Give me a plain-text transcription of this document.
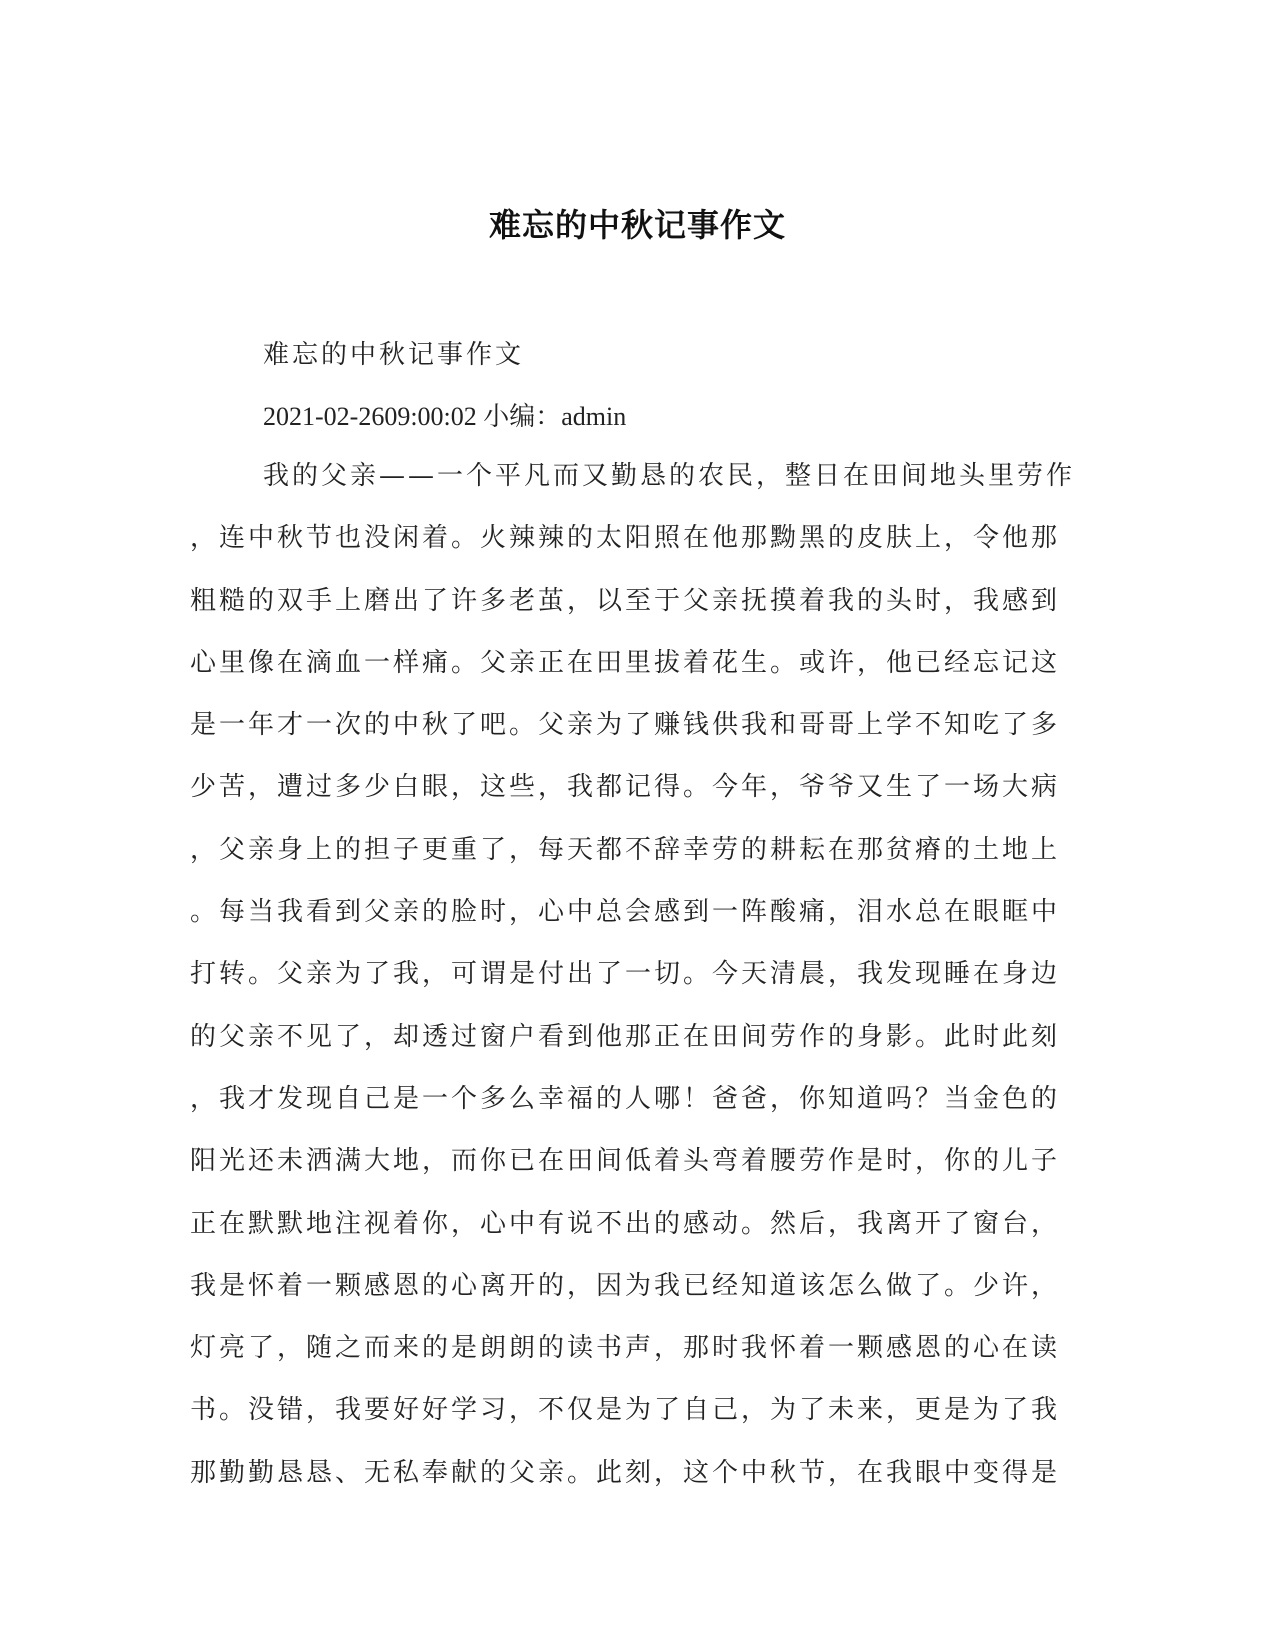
难忘的中秋记事作文
难忘的中秋记事作文
2021-02-2609:00:02 小编：admin
我的父亲——一个平凡而又勤恳的农民，整日在田间地头里劳作
，连中秋节也没闲着。火辣辣的太阳照在他那黝黑的皮肤上，令他那
粗糙的双手上磨出了许多老茧，以至于父亲抚摸着我的头时，我感到
心里像在滴血一样痛。父亲正在田里拔着花生。或许，他已经忘记这
是一年才一次的中秋了吧。父亲为了赚钱供我和哥哥上学不知吃了多
少苦，遭过多少白眼，这些，我都记得。今年，爷爷又生了一场大病
，父亲身上的担子更重了，每天都不辞幸劳的耕耘在那贫瘠的土地上
。每当我看到父亲的脸时，心中总会感到一阵酸痛，泪水总在眼眶中
打转。父亲为了我，可谓是付出了一切。今天清晨，我发现睡在身边
的父亲不见了，却透过窗户看到他那正在田间劳作的身影。此时此刻
，我才发现自己是一个多么幸福的人哪！爸爸，你知道吗？当金色的
阳光还未洒满大地，而你已在田间低着头弯着腰劳作是时，你的儿子
正在默默地注视着你，心中有说不出的感动。然后，我离开了窗台，
我是怀着一颗感恩的心离开的，因为我已经知道该怎么做了。少许，
灯亮了，随之而来的是朗朗的读书声，那时我怀着一颗感恩的心在读
书。没错，我要好好学习，不仅是为了自己，为了未来，更是为了我
那勤勤恳恳、无私奉献的父亲。此刻，这个中秋节，在我眼中变得是
